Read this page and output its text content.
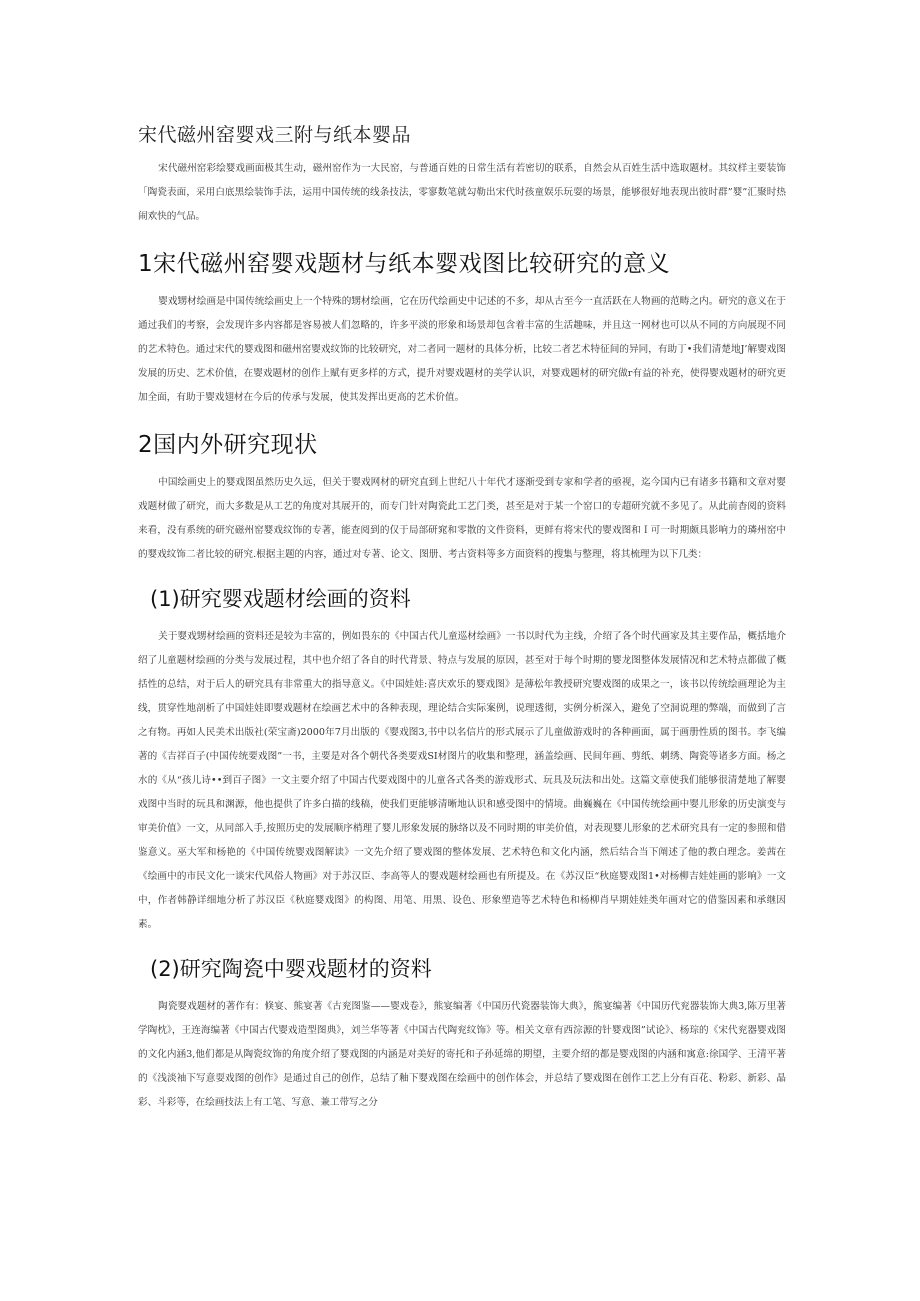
宋代磁州窑婴戏三附与纸本婴品

宋代磁州窑彩绘婴戏画面极其生动，磁州窑作为一大民窑，与普通百姓的日常生活有若密切的联系，自然会从百姓生活中选取题材。其纹样主要装饰「陶瓷表面，采用白底黑绘装饰手法，运用中国传统的线条技法，零寥数笔就勾勒出宋代时孩童娱乐玩耍的场景，能够很好地表现出彼时群”婴”汇聚时热闹欢快的气品。

1宋代磁州窑婴戏题材与纸本婴戏图比较研究的意义

婴戏甥材绘画是中国传统绘画史上一个特殊的甥材绘画，它在历代绘画史中记述的不多，却从古至今一直活跃在人物画的范畴之内。研究的意义在于通过我们的考察，会发现许多内容都是容易被人们忽略的，许多平淡的形象和场景却包含着丰富的生活趣味，并且这一网材也可以从不同的方向展现不同的艺术特色。通过宋代的婴戏图和磁州窑婴戏纹饰的比较研究，对二者同一题材的具体分析，比较二者艺术特征间的异同，有助丁•我们清楚地J’解婴戏图发展的历史、艺术价值，在婴戏题材的创作上赋有更多样的方式，提升对婴戏题材的美学认识，对婴戏题材的研究做r有益的补充，使得婴戏题材的研究更加全面，有助于婴戏翅材在今后的传承与发展，使其发挥出更高的艺术价值。

2国内外研究现状

中国绘画史上的婴戏图虽然历史久远，但关于婴戏网材的研究直到上世纪八十年代才逐渐受到专家和学者的亟视，迄今国内已有诸多书籍和文章对婴戏题材做了研究，而大多数是从工艺的角度对其展开的，而专门针对陶瓷此工艺门类，甚至是对于某一个窑口的专超研究就不多见了。从此前杳阅的资料来看，没有系统的研究磁州窑婴戏纹饰的专著，能查阅到的仅于局部研窕和零散的文件资料，更鲜有将宋代的婴戏图和Ｉ可一时期颇具影响力的璘州窑中的婴戏纹饰二者比较的研究.根据主题的内容，通过对专著、论文、图册、考古资料等多方面资料的搜集与整理，将其梳理为以下几类：

(1)研究婴戏题材绘画的资料

关于婴戏甥材绘画的资料还是较为丰富的，例如畏东的《中国古代儿童巡材绘画》一书以时代为主线，介绍了各个时代画家及其主要作品，概括地介绍了儿童题材绘画的分类与发展过程，其中也介绍了各自的时代背景、特点与发展的原因，甚至对于每个时期的婴龙图整体发展情况和艺术特点都做了概括性的总结，对于后人的研究具有非常重大的指导意义。《中国娃娃:喜庆欢乐的婴戏图》是薄松年教授研究婴戏图的成果之一，该书以传统绘画理论为主线，贯穿性地剖析了中国娃娃即婴戏题材在绘画艺术中的各种表现，理论结合实际案例，说理透彻，实例分析深入，避免了空洞说理的弊端，而做到了言之有物。再如人民美术出版社(荣宝斋)2000年7月出版的《婴戏图3,书中以名信片的形式展示了儿童做游戏时的各种画面，属于画册性质的图书。李飞编著的《吉祥百子(中国传统要戏图”一书，主要是对各个朝代各类要戏SI材图片的收集和整理，涵盖绘画、民间年画、剪纸、刺绣、陶瓷等诸多方面。杨之水的《从“孩儿诗••到百子图》一文主要介绍了中国古代要戏图中的儿童各式各类的游戏形式、玩具及玩法和出处。这篇文章使我们能够很清楚地了解婴戏图中当时的玩具和渊源，他也提供了许多白描的线稿，使我们更能够清晰地认识和感受图中的情境。曲巍巍在《中国传统绘画中婴儿形象的历史演变与审美价值》一文，从同部入手,按照历史的发展顺序梢理了婴儿形象发展的脉络以及不同时期的审美价值，对表现婴儿形象的艺术研究具有一定的参照和借鉴意义。巫大军和杨艳的《中国传统婴戏图解读》一文先介绍了婴戏图的整体发展、艺术特色和文化内涵，然后结合当下阐述了他的教白理念。姜茜在《绘画中的市民文化一谈宋代风俗人物画》对于苏汉臣、李高等人的婴戏题材绘画也有所提及。在《苏汉臣“秋庭婴戏图1•对杨柳吉娃娃画的影响》一文中，作者韩静详细地分析了苏汉臣《秋庭婴戏图》的构图、用笔、用黑、设色、形象塑造等艺术特色和杨柳肖早期娃娃类年画对它的借鉴因素和承继因素。

(2)研究陶瓷中婴戏题材的资料

陶瓷婴戏题材的著作有：倏宴、熊宴著《古兖图鉴——婴戏卷》，熊宴编著《中国历代瓷器装饰大典》，熊宴编著《中国历代兖器装饰大典3,陈万里著学陶枕》，王连海编著《中国古代婴戏造型图典》，刘兰华等著《中国古代陶兖纹饰》等。相关文章有西淙源的针婴戏图”试论》、杨琮的《宋代兖器婴戏图的文化内涵3,他们都是从陶瓷纹饰的角度介绍了婴戏图的内涵是对美好的寄托和子孙延绵的期望，主要介绍的都是婴戏图的内涵和寓意:徐国学、王清平著的《浅淡袖下写意耍戏图的创作》是通过自己的创作，总结了釉下婴戏图在绘画中的创作体会，并总结了婴戏图在创作工艺上分有百花、粉彩、新彩、晶彩、斗彩等，在绘画技法上有工笔、写意、兼工带写之分
